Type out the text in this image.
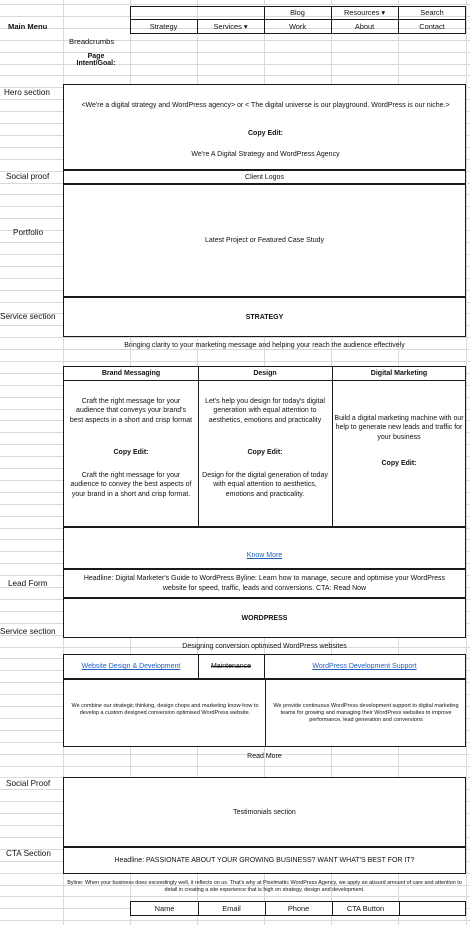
Main Menu
Blog	Resources ▾	Search
Strategy	Services ▾	Work	About	Contact
Breadcrumbs
Page Intent/Goal:
Hero section
<We're a digital strategy and WordPress agency> or < The digital universe is our playground. WordPress is our niche.>
Copy Edit:
We're A Digital Strategy and WordPress Agency
Social proof	Client Logos
Portfolio
Latest Project or Featured Case Study
Service section	STRATEGY
Bringing clarity to your marketing message and helping your reach the audience effectively
Brand Messaging	Design	Digital Marketing
Craft the right message for your audience that conveys your brand's best aspects in a short and crisp format
Copy Edit:
Craft the right message for your audience to convey the best aspects of your brand in a short and crisp format.
Let's help you design for today's digital generation with equal attention to aesthetics, emotions and practicality
Copy Edit:
Design for the digital generation of today with equal attention to aesthetics, emotions and practicality.
Build a digital marketing machine with our help to generate new leads and traffic for your business
Copy Edit:
Know More
Lead Form
Headline: Digital Marketer's Guide to WordPress Byline: Learn how to manage, secure and optimise your WordPress website for speed, traffic, leads and conversions. CTA: Read Now
Service section
WORDPRESS
Designing conversion optimised WordPress websites
Website Design & Development	Maintenance	WordPress Development Support
We combine our strategic thinking, design chops and marketing know-how to develop a custom designed conversion optimised WordPress website.
We provide continuous WordPress development support to digital marketing teams for growing and managing their WordPress websites to improve performance, lead generation and conversions
Read More
Social Proof
Testimonials section
CTA Section
Headline: PASSIONATE ABOUT YOUR GROWING BUSINESS? WANT WHAT'S BEST FOR IT?
Byline: When your business does exceedingly well, it reflects on us. That's why at Pixelmattic WordPress Agency, we apply an absurd amount of care and attention to detail in creating a site experience that is high on strategy, design and development.
Name	Email	Phone	CTA Button
